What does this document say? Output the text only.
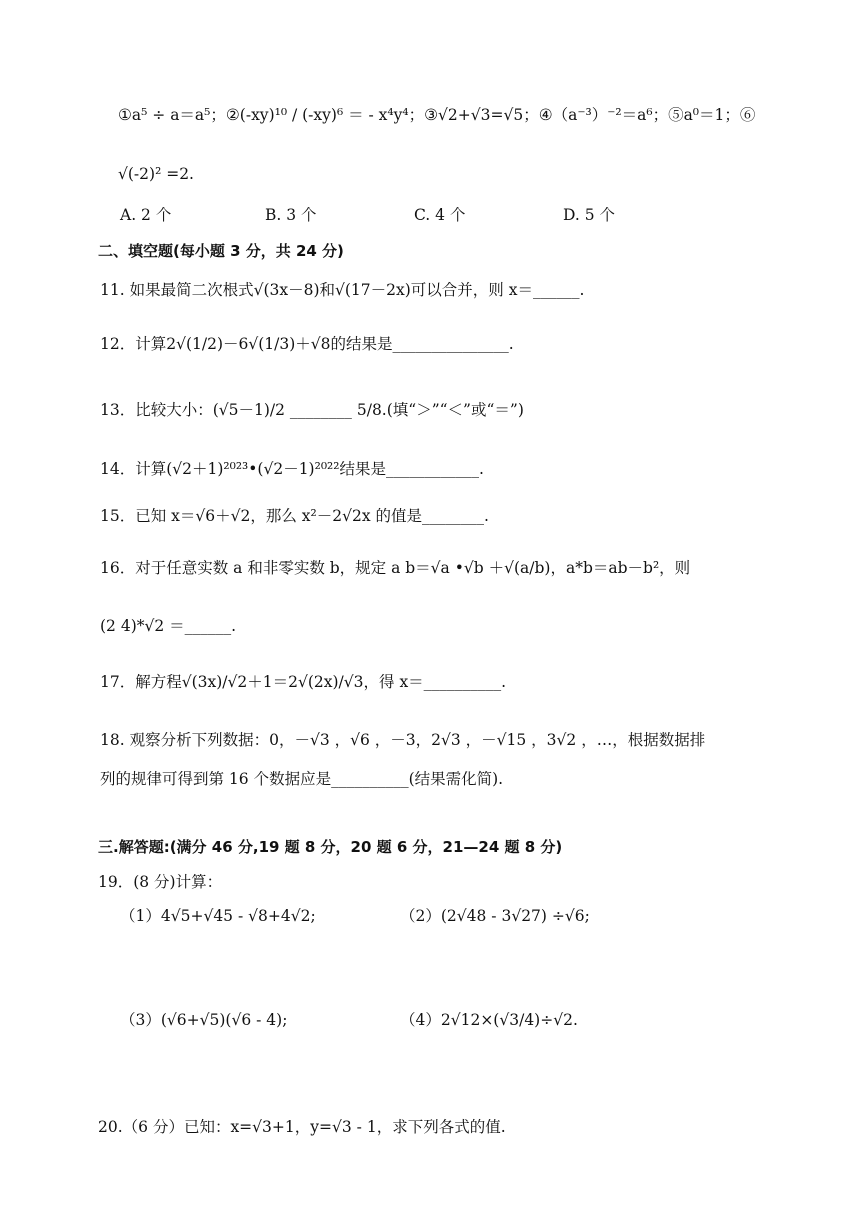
①a⁵ ÷ a＝a⁵；②(-xy)¹⁰ / (-xy)⁶ ＝ - x⁴y⁴；③√2+√3=√5；④（a⁻³）⁻²＝a⁶；⑤a⁰＝1；⑥
√(-2)² =2.
A. 2 个	B. 3 个	C. 4 个	D. 5 个
二、填空题(每小题 3 分，共 24 分)
11. 如果最简二次根式√(3x－8)和√(17－2x)可以合并，则 x＝______.
12．计算2√(1/2)－6√(1/3)＋√8的结果是_______________.
13．比较大小：(√5－1)/2 ________ 5/8.(填“＞”“＜”或“＝”)
14．计算(√2＋1)²⁰²³•(√2－1)²⁰²²结果是____________.
15．已知 x＝√6＋√2，那么 x²－2√2x 的值是________.
16．对于任意实数 a 和非零实数 b，规定 a b＝√a •√b ＋√(a/b)，a*b＝ab－b²，则
(2 4)*√2 ＝______.
17．解方程√(3x)/√2＋1＝2√(2x)/√3，得 x＝__________.
18. 观察分析下列数据：0，－√3 ，√6 ，－3，2√3 ，－√15 ，3√2 ，…，根据数据排
列的规律可得到第 16 个数据应是__________(结果需化简).
三.解答题:(满分 46 分,19 题 8 分，20 题 6 分，21—24 题 8 分)
19．(8 分)计算：
（1）4√5+√45 - √8+4√2;	（2）(2√48 - 3√27) ÷√6;
（3）(√6+√5)(√6 - 4);	（4）2√12×(√3/4)÷√2.
20.（6 分）已知：x=√3+1，y=√3 - 1，求下列各式的值.
